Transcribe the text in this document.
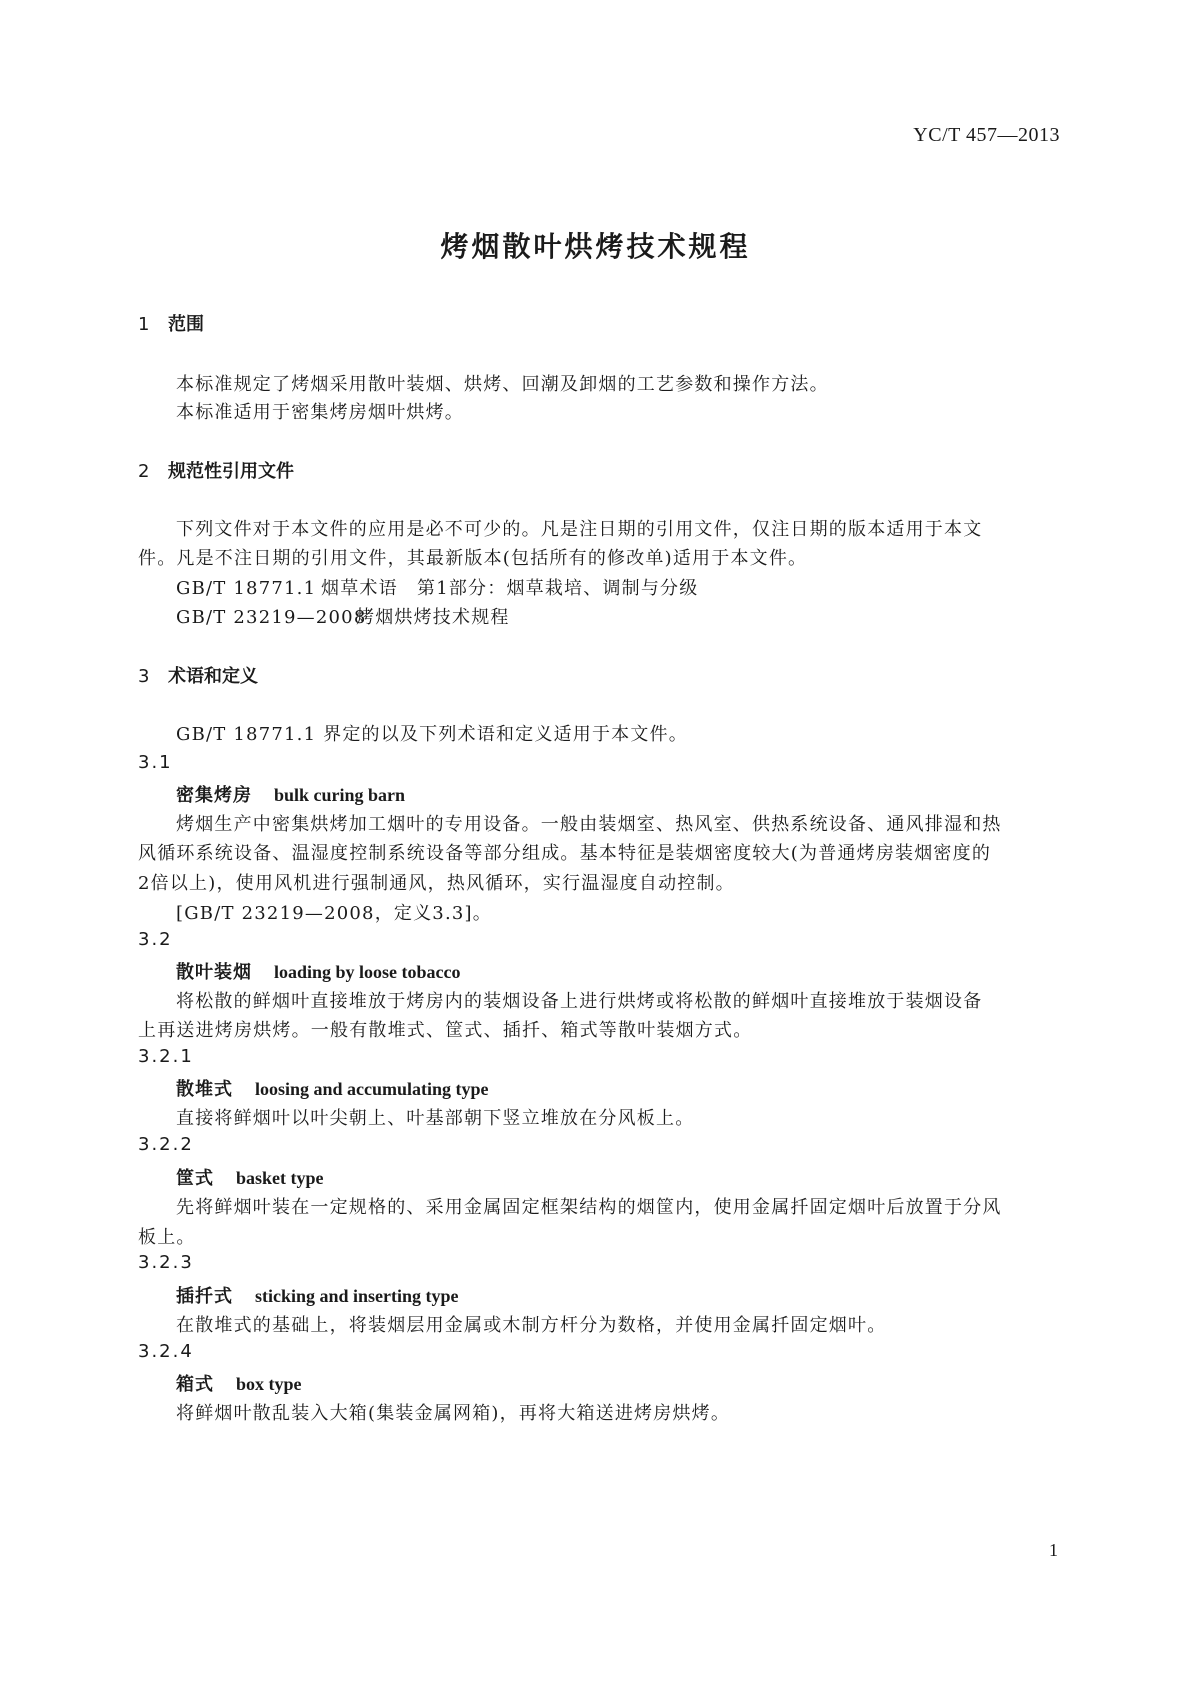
YC/T 457—2013
烤烟散叶烘烤技术规程
1 范围
本标准规定了烤烟采用散叶装烟、烘烤、回潮及卸烟的工艺参数和操作方法。
本标准适用于密集烤房烟叶烘烤。
2 规范性引用文件
下列文件对于本文件的应用是必不可少的。凡是注日期的引用文件，仅注日期的版本适用于本文
件。凡是不注日期的引用文件，其最新版本(包括所有的修改单)适用于本文件。
GB/T 18771.1 烟草术语　第1部分：烟草栽培、调制与分级
GB/T 23219—2008烤烟烘烤技术规程
3 术语和定义
GB/T 18771.1 界定的以及下列术语和定义适用于本文件。
3.1
密集烤房 bulk curing barn
烤烟生产中密集烘烤加工烟叶的专用设备。一般由装烟室、热风室、供热系统设备、通风排湿和热
风循环系统设备、温湿度控制系统设备等部分组成。基本特征是装烟密度较大(为普通烤房装烟密度的
2倍以上)，使用风机进行强制通风，热风循环，实行温湿度自动控制。
[GB/T 23219—2008，定义3.3]。
3.2
散叶装烟 loading by loose tobacco
将松散的鲜烟叶直接堆放于烤房内的装烟设备上进行烘烤或将松散的鲜烟叶直接堆放于装烟设备
上再送进烤房烘烤。一般有散堆式、筐式、插扦、箱式等散叶装烟方式。
3.2.1
散堆式 loosing and accumulating type
直接将鲜烟叶以叶尖朝上、叶基部朝下竖立堆放在分风板上。
3.2.2
筐式 basket type
先将鲜烟叶装在一定规格的、采用金属固定框架结构的烟筐内，使用金属扦固定烟叶后放置于分风
板上。
3.2.3
插扦式 sticking and inserting type
在散堆式的基础上，将装烟层用金属或木制方杆分为数格，并使用金属扦固定烟叶。
3.2.4
箱式 box type
将鲜烟叶散乱装入大箱(集装金属网箱)，再将大箱送进烤房烘烤。
1
